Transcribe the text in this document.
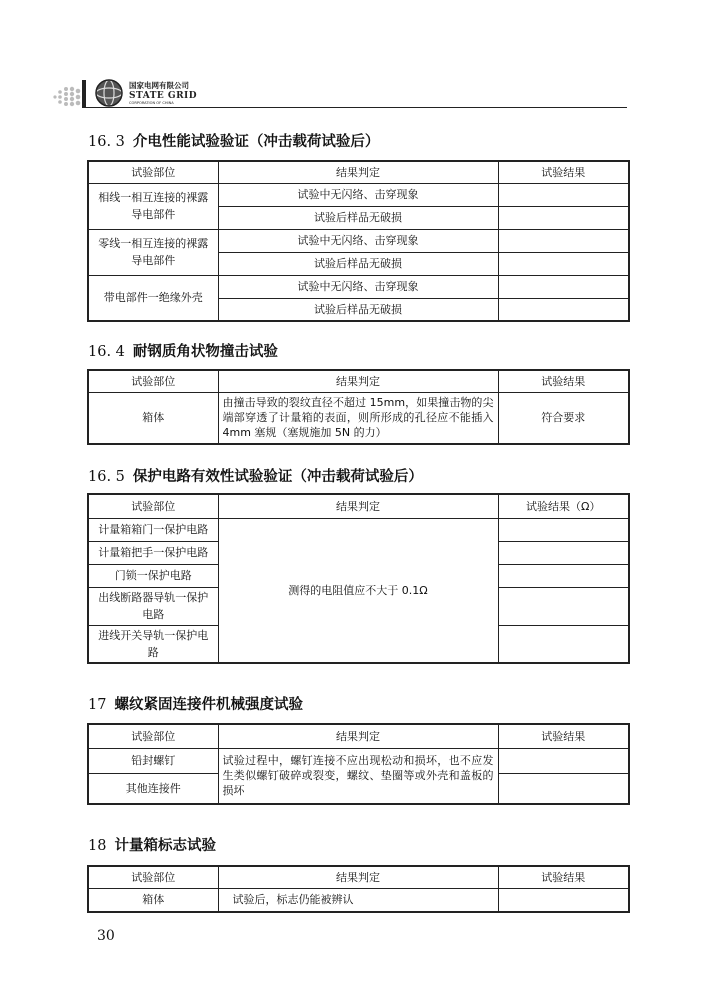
国家电网有限公司
STATE GRID
CORPORATION OF CHINA
16. 3 介电性能试验验证（冲击载荷试验后）
试验部位	结果判定	试验结果
相线一相互连接的裸露导电部件	试验中无闪络、击穿现象	
	试验后样品无破损	
零线一相互连接的裸露导电部件	试验中无闪络、击穿现象	
	试验后样品无破损	
带电部件一绝缘外壳	试验中无闪络、击穿现象	
	试验后样品无破损	
16. 4 耐钢质角状物撞击试验
试验部位	结果判定	试验结果
箱体	由撞击导致的裂纹直径不超过 15mm，如果撞击物的尖端部穿透了计量箱的表面，则所形成的孔径应不能插入 4mm 塞规（塞规施加 5N 的力）	符合要求
16. 5 保护电路有效性试验验证（冲击载荷试验后）
试验部位	结果判定	试验结果（Ω）
计量箱箱门一保护电路	测得的电阻值应不大于 0.1Ω	
计量箱把手一保护电路		
门锁一保护电路		
出线断路器导轨一保护电路		
进线开关导轨一保护电路		
17 螺纹紧固连接件机械强度试验
试验部位	结果判定	试验结果
铅封螺钉	试验过程中，螺钉连接不应出现松动和损坏，也不应发生类似螺钉破碎或裂变，螺纹、垫圈等或外壳和盖板的损坏	
其他连接件		
18 计量箱标志试验
试验部位	结果判定	试验结果
箱体	试验后，标志仍能被辨认	
30
